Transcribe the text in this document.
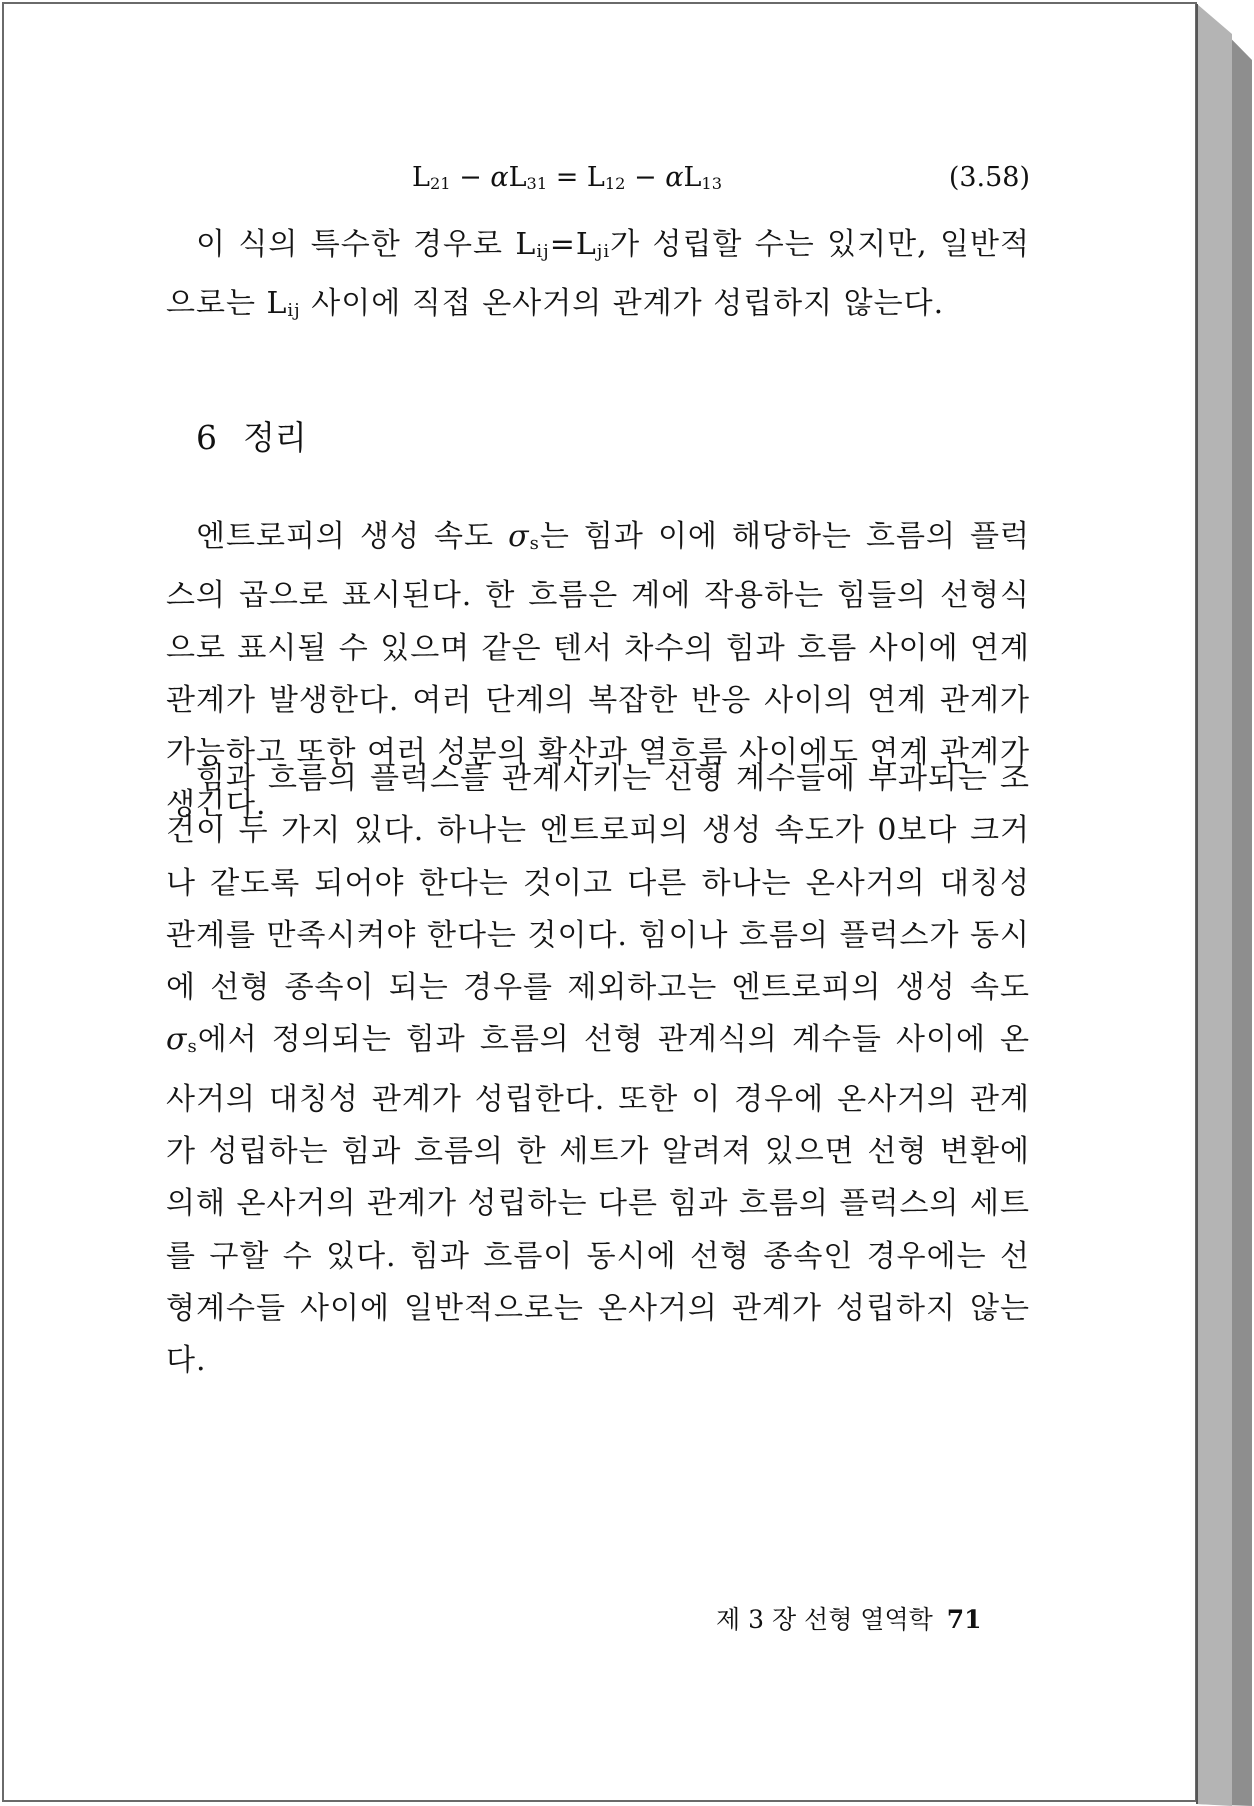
$L_{21} - \alpha L_{31} = L_{12} - \alpha L_{13}$	(3.58)

이 식의 특수한 경우로 $L_{ij}=L_{ji}$가 성립할 수는 있지만, 일반적으로는 $L_{ij}$ 사이에 직접 온사거의 관계가 성립하지 않는다.

6 정리

엔트로피의 생성 속도 $\sigma_s$는 힘과 이에 해당하는 흐름의 플럭스의 곱으로 표시된다. 한 흐름은 계에 작용하는 힘들의 선형식으로 표시될 수 있으며 같은 텐서 차수의 힘과 흐름 사이에 연계 관계가 발생한다. 여러 단계의 복잡한 반응 사이의 연계 관계가 가능하고 또한 여러 성분의 확산과 열흐름 사이에도 연계 관계가 생긴다.

힘과 흐름의 플럭스를 관계시키는 선형 계수들에 부과되는 조건이 두 가지 있다. 하나는 엔트로피의 생성 속도가 0보다 크거나 같도록 되어야 한다는 것이고 다른 하나는 온사거의 대칭성 관계를 만족시켜야 한다는 것이다. 힘이나 흐름의 플럭스가 동시에 선형 종속이 되는 경우를 제외하고는 엔트로피의 생성 속도 $\sigma_s$에서 정의되는 힘과 흐름의 선형 관계식의 계수들 사이에 온사거의 대칭성 관계가 성립한다. 또한 이 경우에 온사거의 관계가 성립하는 힘과 흐름의 한 세트가 알려져 있으면 선형 변환에 의해 온사거의 관계가 성립하는 다른 힘과 흐름의 플럭스의 세트를 구할 수 있다. 힘과 흐름이 동시에 선형 종속인 경우에는 선형계수들 사이에 일반적으로는 온사거의 관계가 성립하지 않는다.

제 3 장 선형 열역학 71
